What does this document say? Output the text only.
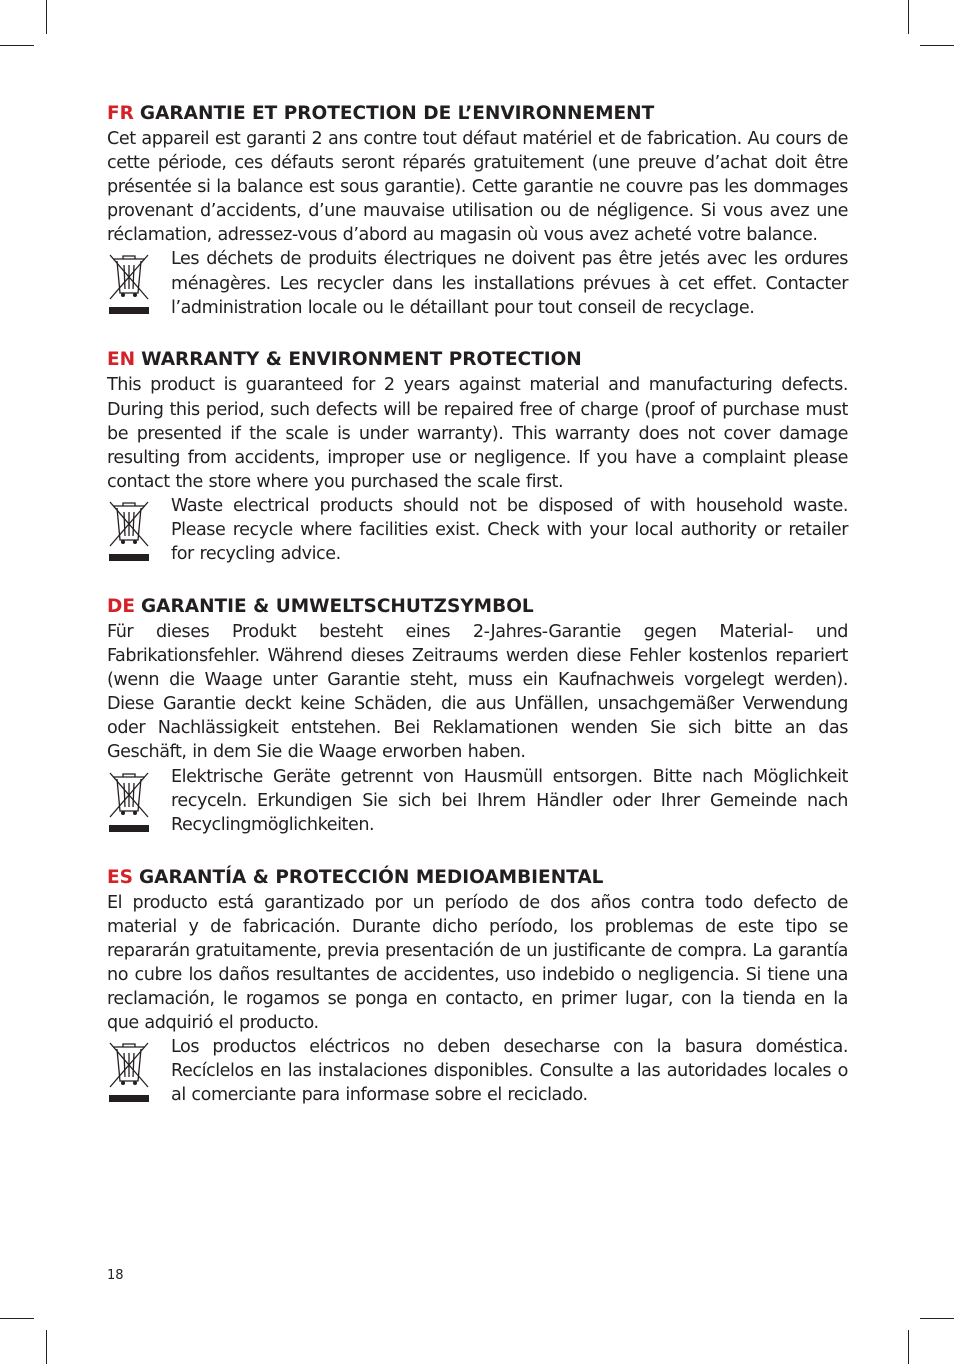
FR GARANTIE ET PROTECTION DE L’ENVIRONNEMENT

Cet appareil est garanti 2 ans contre tout défaut matériel et de fabrication. Au cours de cette période, ces défauts seront réparés gratuitement (une preuve d’achat doit être présentée si la balance est sous garantie). Cette garantie ne couvre pas les dommages provenant d’accidents, d’une mauvaise utilisation ou de négligence. Si vous avez une réclamation, adressez-vous d’abord au magasin où vous avez acheté votre balance.

Les déchets de produits électriques ne doivent pas être jetés avec les ordures ménagères. Les recycler dans les installations prévues à cet effet. Contacter l’administration locale ou le détaillant pour tout conseil de recyclage.

EN WARRANTY & ENVIRONMENT PROTECTION

This product is guaranteed for 2 years against material and manufacturing defects. During this period, such defects will be repaired free of charge (proof of purchase must be presented if the scale is under warranty). This warranty does not cover damage resulting from accidents, improper use or negligence. If you have a complaint please contact the store where you purchased the scale first.

Waste electrical products should not be disposed of with household waste. Please recycle where facilities exist. Check with your local authority or retailer for recycling advice.

DE GARANTIE & UMWELTSCHUTZSYMBOL

Für dieses Produkt besteht eines 2-Jahres-Garantie gegen Material- und Fabrikationsfehler. Während dieses Zeitraums werden diese Fehler kostenlos repariert (wenn die Waage unter Garantie steht, muss ein Kaufnachweis vorgelegt werden). Diese Garantie deckt keine Schäden, die aus Unfällen, unsachgemäßer Verwendung oder Nachlässigkeit entstehen. Bei Reklamationen wenden Sie sich bitte an das Geschäft, in dem Sie die Waage erworben haben.

Elektrische Geräte getrennt von Hausmüll entsorgen. Bitte nach Möglichkeit recyceln. Erkundigen Sie sich bei Ihrem Händler oder Ihrer Gemeinde nach Recyclingmöglichkeiten.

ES GARANTÍA & PROTECCIÓN MEDIOAMBIENTAL

El producto está garantizado por un período de dos años contra todo defecto de material y de fabricación. Durante dicho período, los problemas de este tipo se repararán gratuitamente, previa presentación de un justificante de compra. La garantía no cubre los daños resultantes de accidentes, uso indebido o negligencia. Si tiene una reclamación, le rogamos se ponga en contacto, en primer lugar, con la tienda en la que adquirió el producto.

Los productos eléctricos no deben desecharse con la basura doméstica. Recíclelos en las instalaciones disponibles. Consulte a las autoridades locales o al comerciante para informase sobre el reciclado.

18
